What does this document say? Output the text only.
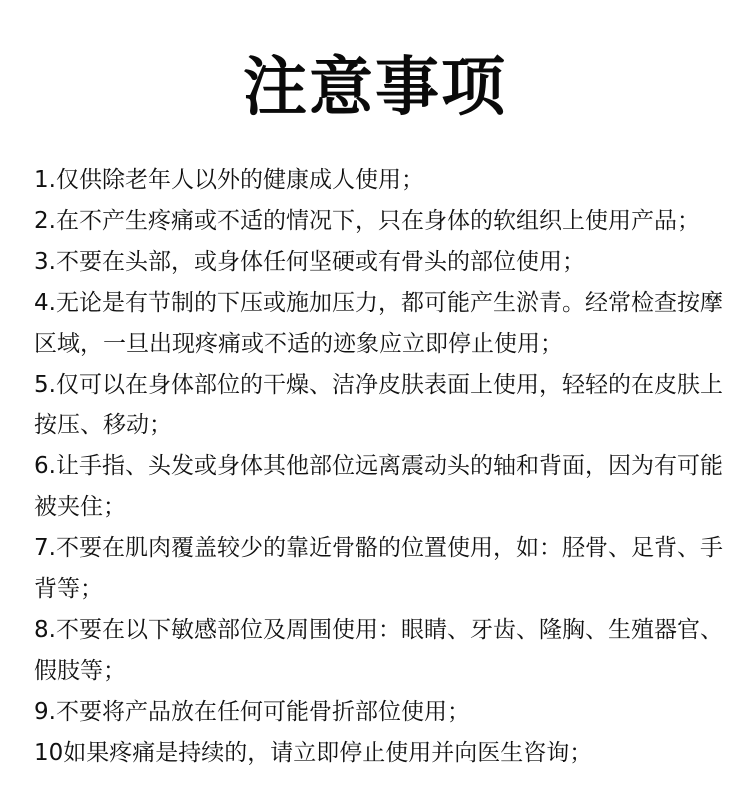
注意事项
1.仅供除老年人以外的健康成人使用；
2.在不产生疼痛或不适的情况下，只在身体的软组织上使用产品；
3.不要在头部，或身体任何坚硬或有骨头的部位使用；
4.无论是有节制的下压或施加压力，都可能产生淤青。经常检查按摩区域，一旦出现疼痛或不适的迹象应立即停止使用；
5.仅可以在身体部位的干燥、洁净皮肤表面上使用，轻轻的在皮肤上按压、移动；
6.让手指、头发或身体其他部位远离震动头的轴和背面，因为有可能被夹住；
7.不要在肌肉覆盖较少的靠近骨骼的位置使用，如：胫骨、足背、手背等；
8.不要在以下敏感部位及周围使用：眼睛、牙齿、隆胸、生殖器官、假肢等；
9.不要将产品放在任何可能骨折部位使用；
10如果疼痛是持续的，请立即停止使用并向医生咨询；
